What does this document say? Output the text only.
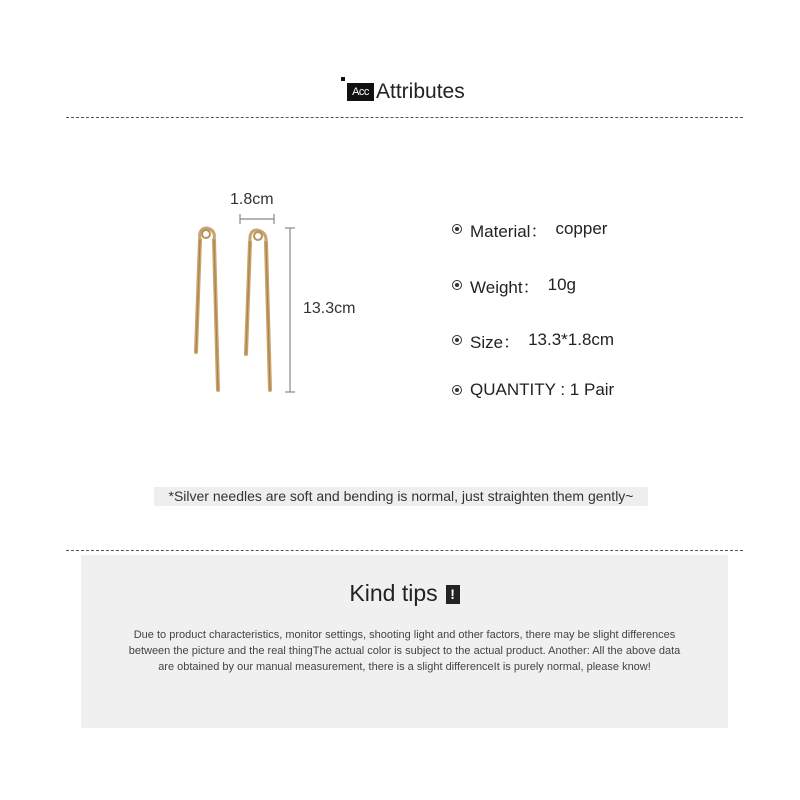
Acc Attributes
1.8cm
13.3cm
Material： copper
Weight： 10g
Size： 13.3*1.8cm
QUANTITY : 1 Pair
*Silver needles are soft and bending is normal, just straighten them gently~
Kind tips !
Due to product characteristics, monitor settings, shooting light and other factors, there may be slight differences between the picture and the real thingThe actual color is subject to the actual product. Another: All the above data are obtained by our manual measurement, there is a slight differenceIt is purely normal, please know!
